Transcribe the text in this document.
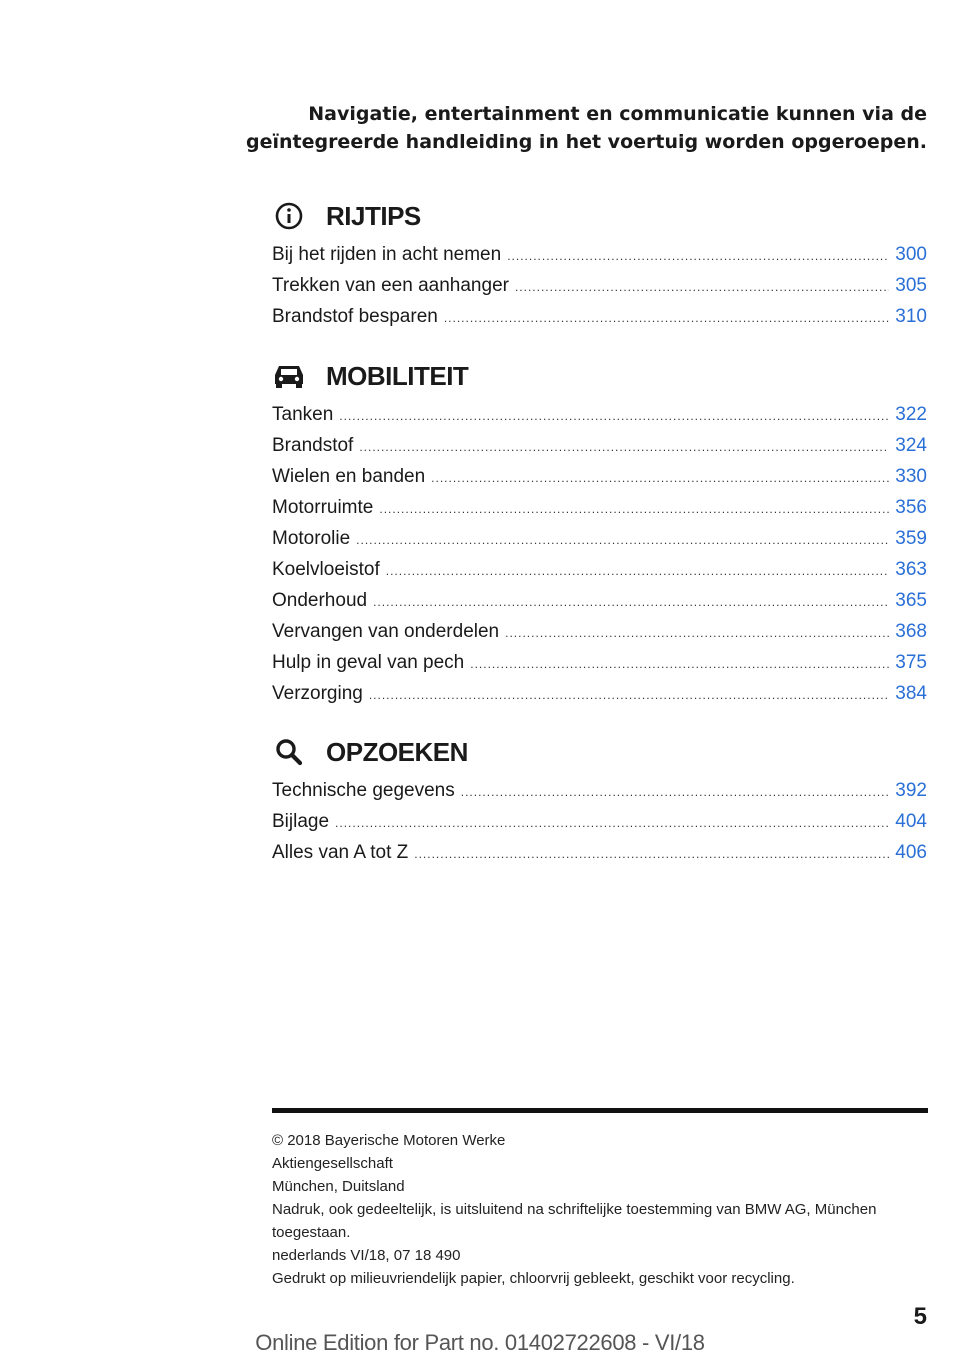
Navigatie, entertainment en communicatie kunnen via de
geïntegreerde handleiding in het voertuig worden opgeroepen.
RIJTIPS
Bij het rijden in acht nemen .....	300
Trekken van een aanhanger .....	305
Brandstof besparen .....	310
MOBILITEIT
Tanken .....	322
Brandstof .....	324
Wielen en banden .....	330
Motorruimte .....	356
Motorolie .....	359
Koelvloeistof .....	363
Onderhoud .....	365
Vervangen van onderdelen .....	368
Hulp in geval van pech .....	375
Verzorging .....	384
OPZOEKEN
Technische gegevens .....	392
Bijlage .....	404
Alles van A tot Z .....	406

© 2018 Bayerische Motoren Werke

Aktiengesellschaft

München, Duitsland

Nadruk, ook gedeeltelijk, is uitsluitend na schriftelijke toestemming van BMW AG, München toegestaan.

nederlands VI/18, 07 18 490

Gedrukt op milieuvriendelijk papier, chloorvrij gebleekt, geschikt voor recycling.

5
Online Edition for Part no. 01402722608 - VI/18
